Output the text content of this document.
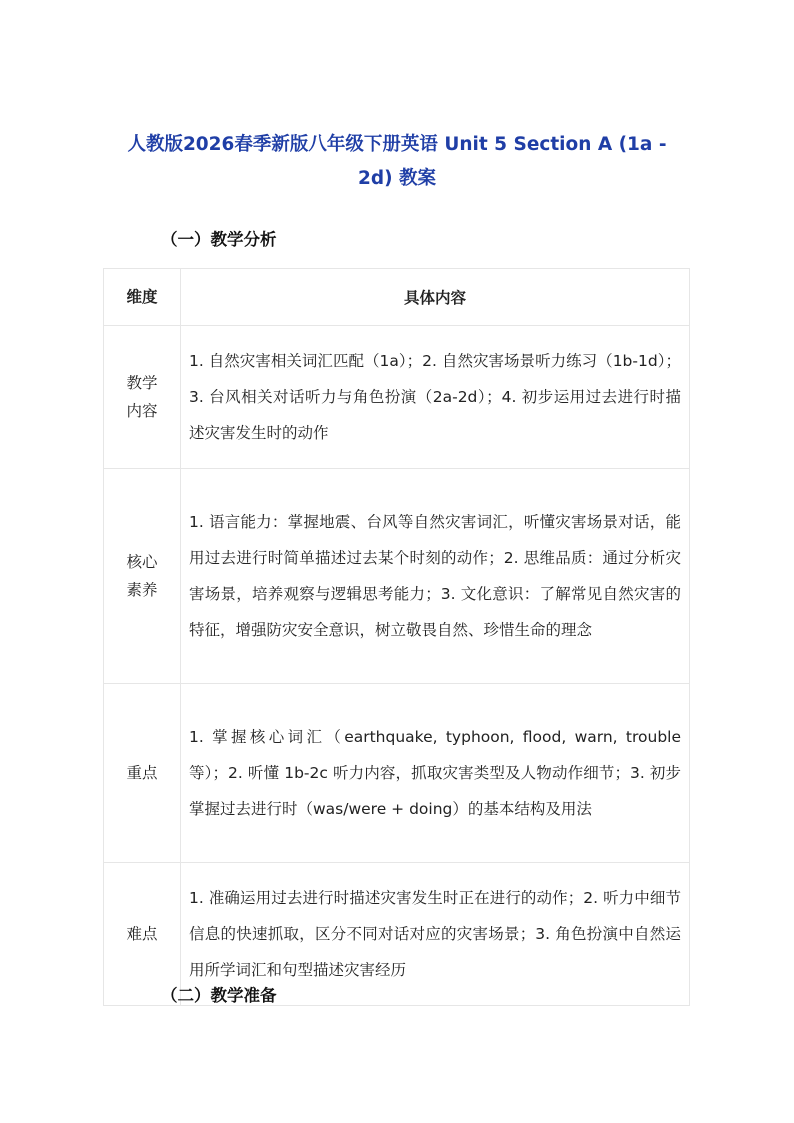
人教版2026春季新版八年级下册英语 Unit 5 Section A (1a -
2d) 教案
（一）教学分析
维度	具体内容

教学
内容	1. 自然灾害相关词汇匹配（1a）；2. 自然灾害场景听力练习（1b-1d）；3. 台风相关对话听力与角色扮演（2a-2d）；4. 初步运用过去进行时描述灾害发生时的动作

核心
素养	1. 语言能力：掌握地震、台风等自然灾害词汇，听懂灾害场景对话，能用过去进行时简单描述过去某个时刻的动作；2. 思维品质：通过分析灾害场景，培养观察与逻辑思考能力；3. 文化意识：了解常见自然灾害的特征，增强防灾安全意识，树立敬畏自然、珍惜生命的理念

重点	1. 掌握核心词汇（earthquake, typhoon, flood, warn, trouble 等）；2. 听懂 1b-2c 听力内容，抓取灾害类型及人物动作细节；3. 初步掌握过去进行时（was/were + doing）的基本结构及用法

难点	1. 准确运用过去进行时描述灾害发生时正在进行的动作；2. 听力中细节信息的快速抓取，区分不同对话对应的灾害场景；3. 角色扮演中自然运用所学词汇和句型描述灾害经历
（二）教学准备
